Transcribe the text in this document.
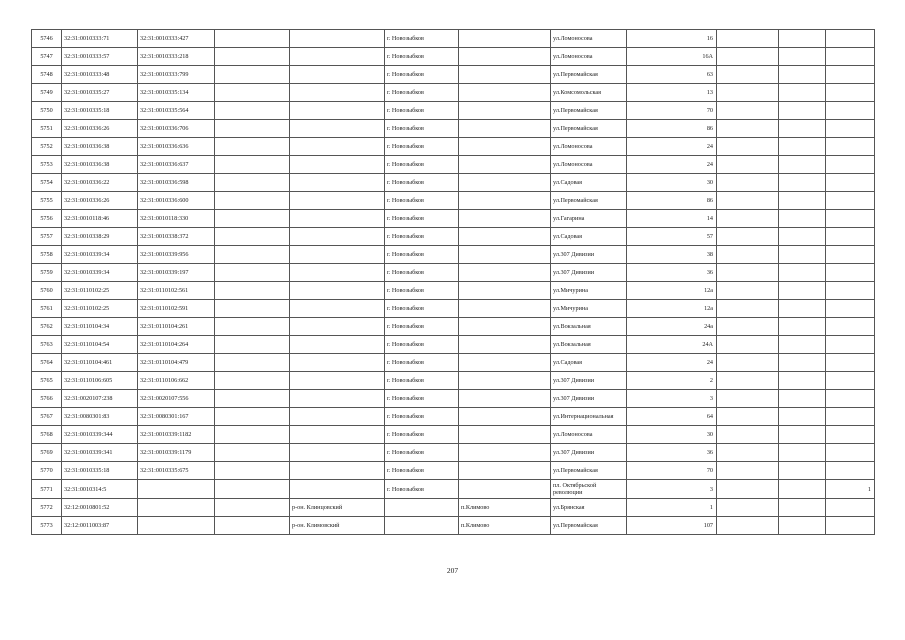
5746	32:31:0010333:71	32:31:0010333:427			г. Новозыбков		ул.Ломоносова	16			
5747	32:31:0010333:57	32:31:0010333:218			г. Новозыбков		ул.Ломоносова	16А			
5748	32:31:0010333:48	32:31:0010333:799			г. Новозыбков		ул.Первомайская	63			
5749	32:31:0010335:27	32:31:0010335:134			г. Новозыбков		ул.Комсомольская	13			
5750	32:31:0010335:18	32:31:0010335:564			г. Новозыбков		ул.Первомайская	70			
5751	32:31:0010336:26	32:31:0010336:706			г. Новозыбков		ул.Первомайская	86			
5752	32:31:0010336:38	32:31:0010336:636			г. Новозыбков		ул.Ломоносова	24			
5753	32:31:0010336:38	32:31:0010336:637			г. Новозыбков		ул.Ломоносова	24			
5754	32:31:0010336:22	32:31:0010336:598			г. Новозыбков		ул.Садовая	30			
5755	32:31:0010336:26	32:31:0010336:600			г. Новозыбков		ул.Первомайская	86			
5756	32:31:0010118:46	32:31:0010118:330			г. Новозыбков		ул.Гагарина	14			
5757	32:31:0010338:29	32:31:0010338:372			г. Новозыбков		ул.Садовая	57			
5758	32:31:0010339:34	32:31:0010339:956			г. Новозыбков		ул.307 Дивизии	38			
5759	32:31:0010339:34	32:31:0010339:197			г. Новозыбков		ул.307 Дивизии	36			
5760	32:31:0110102:25	32:31:0110102:561			г. Новозыбков		ул.Мичурина	12а			
5761	32:31:0110102:25	32:31:0110102:591			г. Новозыбков		ул.Мичурина	12а			
5762	32:31:0110104:34	32:31:0110104:261			г. Новозыбков		ул.Вокзальная	24а			
5763	32:31:0110104:54	32:31:0110104:264			г. Новозыбков		ул.Вокзальная	24А			
5764	32:31:0110104:461	32:31:0110104:479			г. Новозыбков		ул.Садовая	24			
5765	32:31:0110106:605	32:31:0110106:662			г. Новозыбков		ул.307 Дивизии	2			
5766	32:31:0020107:238	32:31:0020107:556			г. Новозыбков		ул.307 Дивизии	3			
5767	32:31:0080301:83	32:31:0080301:167			г. Новозыбков		ул.Интернациональная	64			
5768	32:31:0010339:344	32:31:0010339:1182			г. Новозыбков		ул.Ломоносова	30			
5769	32:31:0010339:341	32:31:0010339:1179			г. Новозыбков		ул.307 Дивизии	36			
5770	32:31:0010335:18	32:31:0010335:675			г. Новозыбков		ул.Первомайская	70			
5771	32:31:0010314:5				г. Новозыбков		пл. Октябрьской революции	3			1
5772	32:12:0010801:52			р-он. Клинцовский		п.Климово	ул.Брянская	1			
5773	32:12:0011003:87			р-он. Климовский		п.Климово	ул.Первомайская	107			
207
